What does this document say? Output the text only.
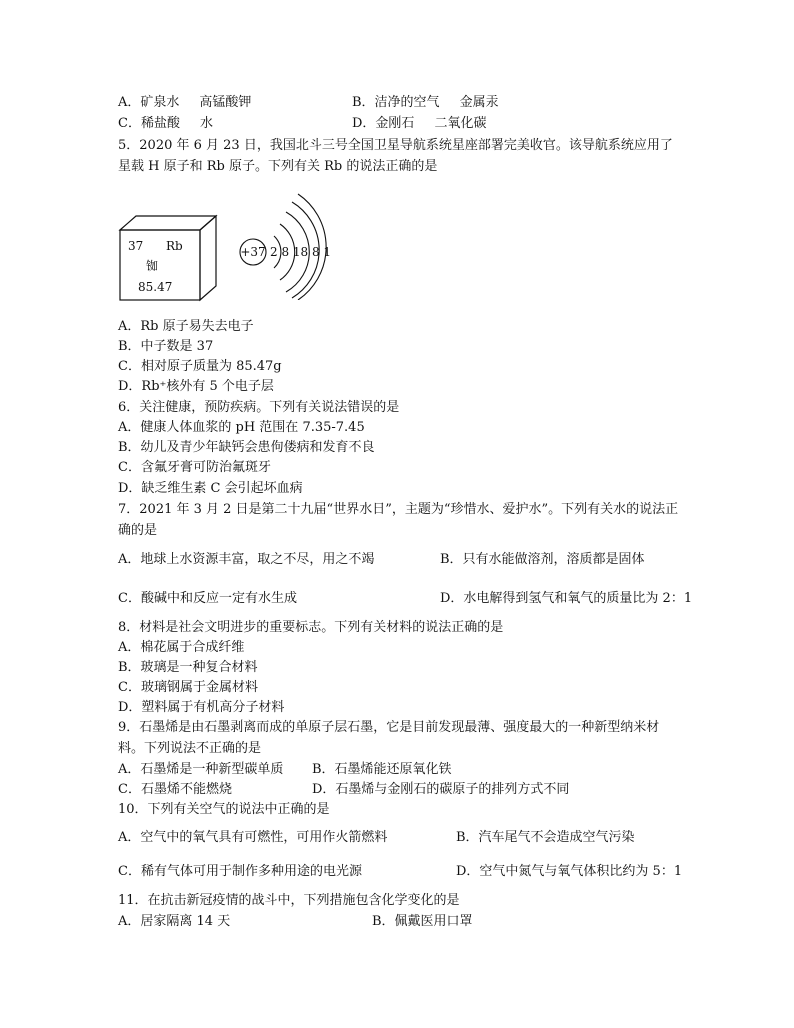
A．矿泉水 高锰酸钾	B．洁净的空气 金属汞
C．稀盐酸 水	D．金刚石 二氧化碳
5．2020 年 6 月 23 日，我国北斗三号全国卫星导航系统星座部署完美收官。该导航系统应用了
星载 H 原子和 Rb 原子。下列有关 Rb 的说法正确的是
37 Rb
铷
85.47
+37 2 8 18 8 1
A．Rb 原子易失去电子
B．中子数是 37
C．相对原子质量为 85.47g
D．Rb⁺核外有 5 个电子层
6．关注健康，预防疾病。下列有关说法错误的是
A．健康人体血浆的 pH 范围在 7.35-7.45
B．幼儿及青少年缺钙会患佝偻病和发育不良
C．含氟牙膏可防治氟斑牙
D．缺乏维生素 C 会引起坏血病
7．2021 年 3 月 2 日是第二十九届“世界水日”，主题为“珍惜水、爱护水”。下列有关水的说法正
确的是
A．地球上水资源丰富，取之不尽，用之不竭	B．只有水能做溶剂，溶质都是固体
C．酸碱中和反应一定有水生成	D．水电解得到氢气和氧气的质量比为 2：1
8．材料是社会文明进步的重要标志。下列有关材料的说法正确的是
A．棉花属于合成纤维
B．玻璃是一种复合材料
C．玻璃钢属于金属材料
D．塑料属于有机高分子材料
9．石墨烯是由石墨剥离而成的单原子层石墨，它是目前发现最薄、强度最大的一种新型纳米材
料。下列说法不正确的是
A．石墨烯是一种新型碳单质 B．石墨烯能还原氧化铁
C．石墨烯不能燃烧	D．石墨烯与金刚石的碳原子的排列方式不同
10．下列有关空气的说法中正确的是
A．空气中的氧气具有可燃性，可用作火箭燃料	B．汽车尾气不会造成空气污染
C．稀有气体可用于制作多种用途的电光源	D．空气中氮气与氧气体积比约为 5：1
11．在抗击新冠疫情的战斗中，下列措施包含化学变化的是
A．居家隔离 14 天	B．佩戴医用口罩
